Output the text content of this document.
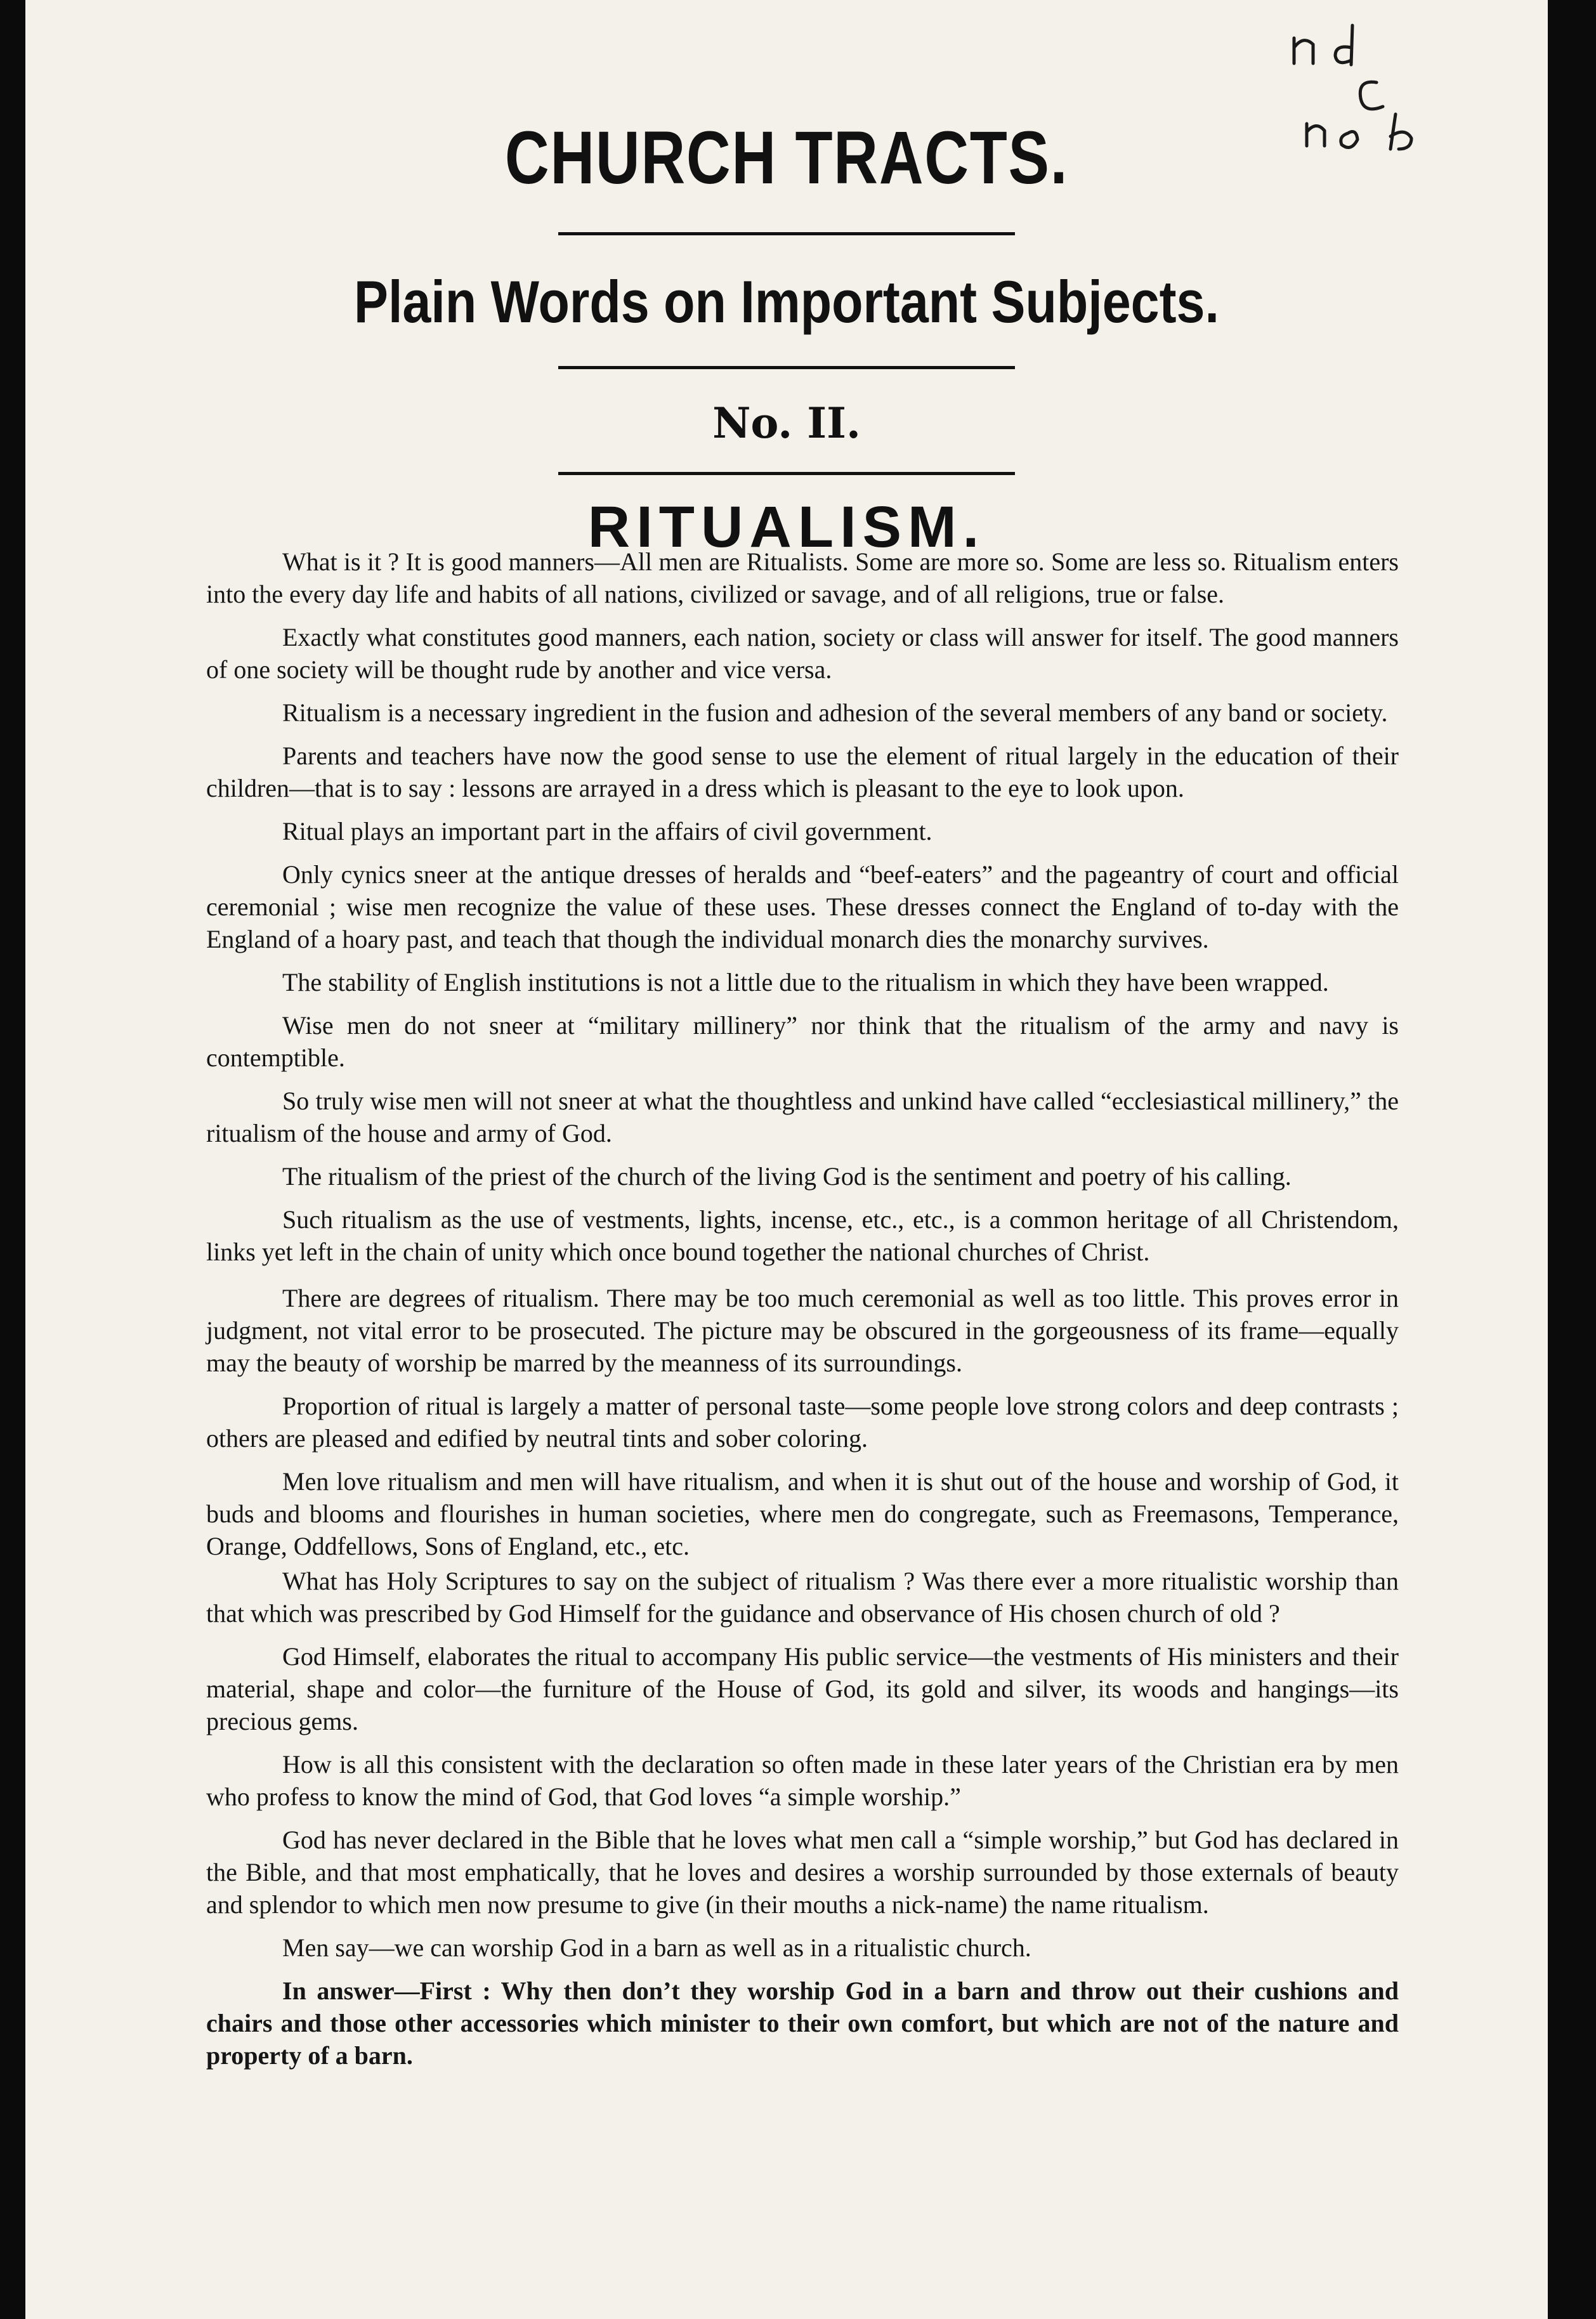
CHURCH TRACTS.
Plain Words on Important Subjects.
No. II.
RITUALISM.

What is it ? It is good manners—All men are Ritualists. Some are more so. Some are less so. Ritualism enters into the every day life and habits of all nations, civilized or savage, and of all religions, true or false.

Exactly what constitutes good manners, each nation, society or class will answer for itself. The good manners of one society will be thought rude by another and vice versa.

Ritualism is a necessary ingredient in the fusion and adhesion of the several members of any band or society.

Parents and teachers have now the good sense to use the element of ritual largely in the education of their children—that is to say : lessons are arrayed in a dress which is pleasant to the eye to look upon.

Ritual plays an important part in the affairs of civil government.

Only cynics sneer at the antique dresses of heralds and “beef-eaters” and the pageantry of court and official ceremonial ; wise men recognize the value of these uses. These dresses connect the England of to-day with the England of a hoary past, and teach that though the individual monarch dies the monarchy survives.

The stability of English institutions is not a little due to the ritualism in which they have been wrapped.

Wise men do not sneer at “military millinery” nor think that the ritualism of the army and navy is contemptible.

So truly wise men will not sneer at what the thoughtless and unkind have called “ecclesiastical millinery,” the ritualism of the house and army of God.

The ritualism of the priest of the church of the living God is the sentiment and poetry of his calling.

Such ritualism as the use of vestments, lights, incense, etc., etc., is a common heritage of all Christendom, links yet left in the chain of unity which once bound together the national churches of Christ.

There are degrees of ritualism. There may be too much ceremonial as well as too little. This proves error in judgment, not vital error to be prosecuted. The picture may be obscured in the gorgeousness of its frame—equally may the beauty of worship be marred by the meanness of its surroundings.

Proportion of ritual is largely a matter of personal taste—some people love strong colors and deep contrasts ; others are pleased and edified by neutral tints and sober coloring.

Men love ritualism and men will have ritualism, and when it is shut out of the house and worship of God, it buds and blooms and flourishes in human societies, where men do congregate, such as Freemasons, Temperance, Orange, Oddfellows, Sons of England, etc., etc.

What has Holy Scriptures to say on the subject of ritualism ? Was there ever a more ritualistic worship than that which was prescribed by God Himself for the guidance and observance of His chosen church of old ?

God Himself, elaborates the ritual to accompany His public service—the vestments of His ministers and their material, shape and color—the furniture of the House of God, its gold and silver, its woods and hangings—its precious gems.

How is all this consistent with the declaration so often made in these later years of the Christian era by men who profess to know the mind of God, that God loves “a simple worship.”

God has never declared in the Bible that he loves what men call a “simple worship,” but God has declared in the Bible, and that most emphatically, that he loves and desires a worship surrounded by those externals of beauty and splendor to which men now presume to give (in their mouths a nick-name) the name ritualism.

Men say—we can worship God in a barn as well as in a ritualistic church.

In answer—First : Why then don’t they worship God in a barn and throw out their cushions and chairs and those other accessories which minister to their own comfort, but which are not of the nature and property of a barn.
